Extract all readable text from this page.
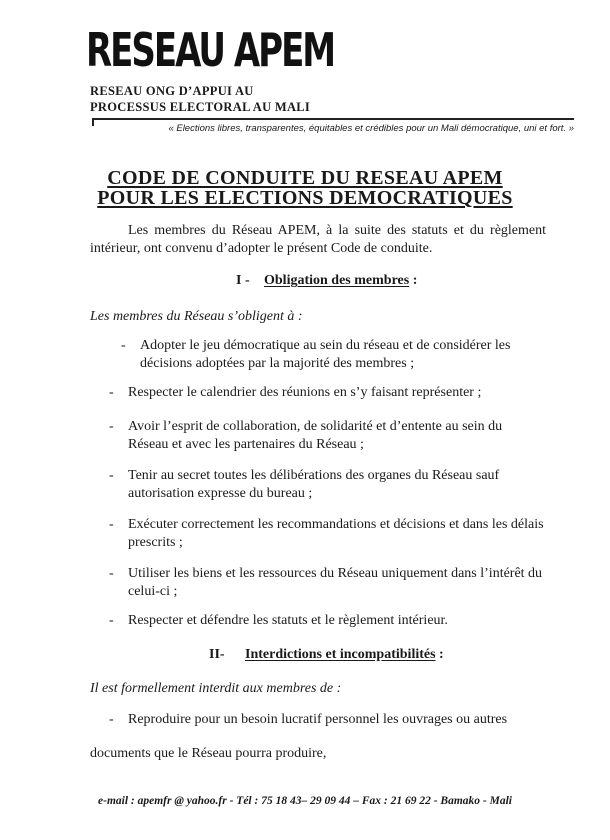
RESEAU APEM
RESEAU ONG D’APPUI AU
PROCESSUS ELECTORAL AU MALI
« Elections libres, transparentes, équitables et crédibles pour un Mali démocratique, uni et fort. »
CODE DE CONDUITE DU RESEAU APEM
POUR LES ELECTIONS DEMOCRATIQUES
Les membres du Réseau APEM, à la suite des statuts et du règlement intérieur, ont convenu d’adopter le présent Code de conduite.
I - Obligation des membres :
Les membres du Réseau s’obligent à :
- Adopter le jeu démocratique au sein du réseau et de considérer les décisions adoptées par la majorité des membres ;
- Respecter le calendrier des réunions en s’y faisant représenter ;
- Avoir l’esprit de collaboration, de solidarité et d’entente au sein du Réseau et avec les partenaires du Réseau ;
- Tenir au secret toutes les délibérations des organes du Réseau sauf autorisation expresse du bureau ;
- Exécuter correctement les recommandations et décisions et dans les délais prescrits ;
- Utiliser les biens et les ressources du Réseau uniquement dans l’intérêt du celui-ci ;
- Respecter et défendre les statuts et le règlement intérieur.
II- Interdictions et incompatibilités :
Il est formellement interdit aux membres de :
- Reproduire pour un besoin lucratif personnel les ouvrages ou autres
documents que le Réseau pourra produire,
e-mail : apemfr @ yahoo.fr - Tél : 75 18 43– 29 09 44 – Fax : 21 69 22 - Bamako - Mali
